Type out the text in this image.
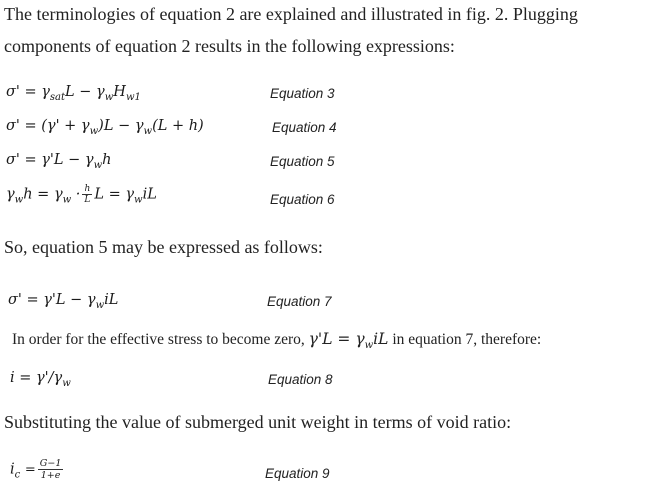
The terminologies of equation 2 are explained and illustrated in fig. 2. Plugging
components of equation 2 results in the following expressions:
$\sigma' = \gamma_{sat}L - \gamma_wH_{w1}$	Equation 3
$\sigma' = (\gamma' + \gamma_w)L - \gamma_w(L + h)$	Equation 4
$\sigma' = \gamma'L - \gamma_wh$	Equation 5
$\gamma_wh = \gamma_w \cdot \frac{h}{L}$ $L = \gamma_wiL$	Equation 6
So, equation 5 may be expressed as follows:
$\sigma' = \gamma'L - \gamma_wiL$	Equation 7
In order for the effective stress to become zero, $\gamma'L = \gamma_wiL$ in equation 7, therefore:
$i = \gamma'/\gamma_w$	Equation 8
Substituting the value of submerged unit weight in terms of void ratio:
$i_c = \frac{G-1}{1+e}$	Equation 9
